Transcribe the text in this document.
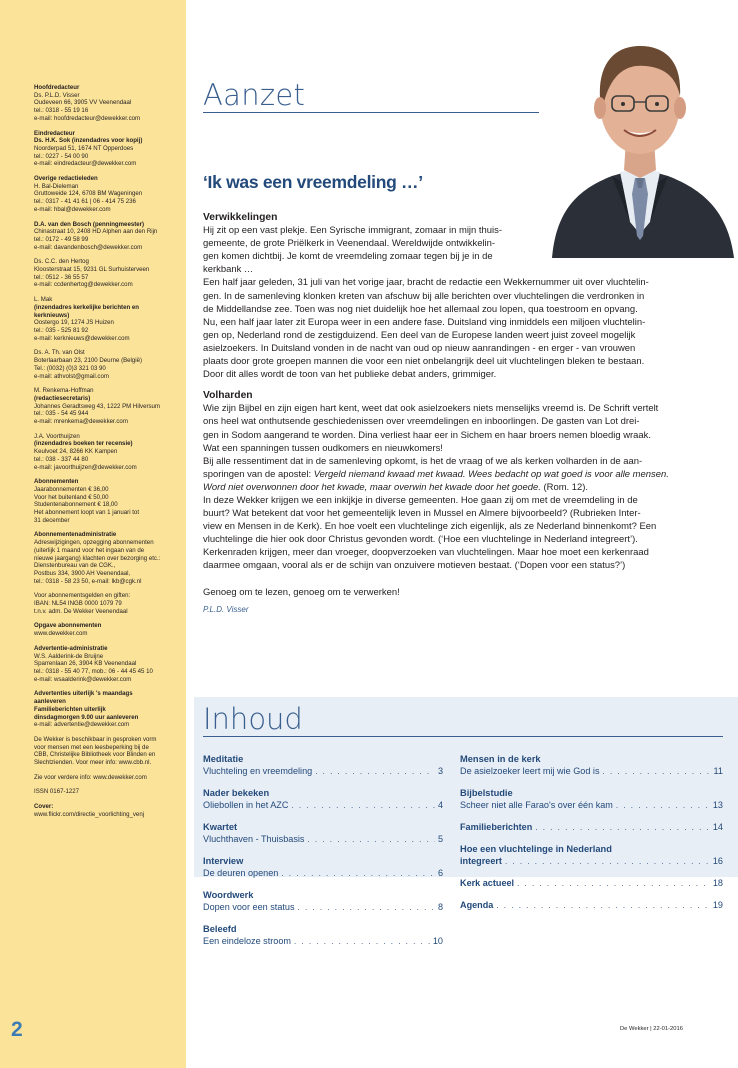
Hoofdredacteur
Ds. P.L.D. Visser
Oudeveen 66, 3905 VV Veenendaal
tel.: 0318 - 55 19 16
e-mail: hoofdredacteur@dewekker.com
Eindredacteur
Ds. H.K. Sok (inzendadres voor kopij)
Noorderpad 51, 1674 NT Opperdoes
tel.: 0227 - 54 00 90
e-mail: eindredacteur@dewekker.com
Overige redactieleden
H. Bal-Dieleman
Gruttoweide 124, 6708 BM Wageningen
tel.: 0317 - 41 41 61 | 06 - 414 75 236
e-mail: hbal@dewekker.com
D.A. van den Bosch (penningmeester)
Chinastraat 10, 2408 HD Alphen aan den Rijn
tel.: 0172 - 49 58 99
e-mail: davandenbosch@dewekker.com
Ds. C.C. den Hertog
Kloosterstraat 15, 9231 GL Surhuisterveen
tel.: 0512 - 36 55 57
e-mail: ccdenhertog@dewekker.com
L. Mak
(inzendadres kerkelijke berichten en
kerknieuws)
Oostergo 19, 1274 JS Huizen
tel.: 035 - 525 81 92
e-mail: kerknieuws@dewekker.com
Ds. A. Th. van Olst
Boterlaarbaan 23, 2100 Deurne (België)
Tel.: (0032) (0)3 321 03 90
e-mail: athvolst@gmail.com
M. Renkema-Hoffman
(redactiesecretaris)
Johannes Geradtsweg 43, 1222 PM Hilversum
tel.: 035 - 54 45 944
e-mail: mrenkema@dewekker.com
J.A. Voorthuijzen
(inzendadres boeken ter recensie)
Keulvoet 24, 8266 KK Kampen
tel.: 038 - 337 44 80
e-mail: javoorthuijzen@dewekker.com
Abonnementen
Jaarabonnementen € 36,00
Voor het buitenland € 50,00
Studentenabonnement € 18,00
Het abonnement loopt van 1 januari tot
31 december
Abonnementenadministratie
Adreswijzigingen, opzegging abonnementen
(uiterlijk 1 maand voor het ingaan van de
nieuwe jaargang) klachten over bezorging etc.:
Dienstenbureau van de CGK.,
Postbus 334, 3900 AH Veenendaal,
tel.: 0318 - 58 23 50, e-mail: lkb@cgk.nl
Voor abonnementsgelden en giften:
IBAN: NL54 INGB 0000 1079 79
t.n.v. adm. De Wekker Veenendaal
Opgave abonnementen
www.dewekker.com
Advertentie-administratie
W.S. Aalderink-de Bruijne
Sparrenlaan 26, 3904 KB Veenendaal
tel.: 0318 - 55 40 77, mob.: 06 - 44 45 45 10
e-mail: wsaalderink@dewekker.com
Advertenties uiterlijk 's maandags
aanleveren
Familieberichten uiterlijk
dinsdagmorgen 9.00 uur aanleveren
e-mail: advertentie@dewekker.com
De Wekker is beschikbaar in gesproken vorm
voor mensen met een leesbeperking bij de
CBB, Christelijke Bibliotheek voor Blinden en
Slechtzienden. Voor meer info: www.cbb.nl.
Zie voor verdere info: www.dewekker.com
ISSN 0167-1227
Cover:
www.flickr.com/directie_voorlichting_venj
2
Aanzet
‘Ik was een vreemdeling …’
Verwikkelingen
Hij zit op een vast plekje. Een Syrische immigrant, zomaar in mijn thuis-
gemeente, de grote Priëlkerk in Veenendaal. Wereldwijde ontwikkelin-
gen komen dichtbij. Je komt de vreemdeling zomaar tegen bij je in de
kerkbank …
Een half jaar geleden, 31 juli van het vorige jaar, bracht de redactie een Wekkernummer uit over vluchtelin-
gen. In de samenleving klonken kreten van afschuw bij alle berichten over vluchtelingen die verdronken in
de Middellandse zee. Toen was nog niet duidelijk hoe het allemaal zou lopen, qua toestroom en opvang.
Nu, een half jaar later zit Europa weer in een andere fase. Duitsland ving inmiddels een miljoen vluchtelin-
gen op, Nederland rond de zestigduizend. Een deel van de Europese landen weert juist zoveel mogelijk
asielzoekers. In Duitsland vonden in de nacht van oud op nieuw aanrandingen - en erger - van vrouwen
plaats door grote groepen mannen die voor een niet onbelangrijk deel uit vluchtelingen bleken te bestaan.
Door dit alles wordt de toon van het publieke debat anders, grimmiger.
Volharden
Wie zijn Bijbel en zijn eigen hart kent, weet dat ook asielzoekers niets menselijks vreemd is. De Schrift vertelt
ons heel wat onthutsende geschiedenissen over vreemdelingen en inboorlingen. De gasten van Lot drei-
gen in Sodom aangerand te worden. Dina verliest haar eer in Sichem en haar broers nemen bloedig wraak.
Wat een spanningen tussen oudkomers en nieuwkomers!
Bij alle ressentiment dat in de samenleving opkomt, is het de vraag of we als kerken volharden in de aan-
sporingen van de apostel: Vergeld niemand kwaad met kwaad. Wees bedacht op wat goed is voor alle mensen.
Word niet overwonnen door het kwade, maar overwin het kwade door het goede. (Rom. 12).
In deze Wekker krijgen we een inkijkje in diverse gemeenten. Hoe gaan zij om met de vreemdeling in de
buurt? Wat betekent dat voor het gemeentelijk leven in Mussel en Almere bijvoorbeeld? (Rubrieken Inter-
view en Mensen in de Kerk). En hoe voelt een vluchtelinge zich eigenlijk, als ze Nederland binnenkomt? Een
vluchtelinge die hier ook door Christus gevonden wordt. (‘Hoe een vluchtelinge in Nederland integreert’).
Kerkenraden krijgen, meer dan vroeger, doopverzoeken van vluchtelingen. Maar hoe moet een kerkenraad
daarmee omgaan, vooral als er de schijn van onzuivere motieven bestaat. (‘Dopen voor een status?’)
Genoeg om te lezen, genoeg om te verwerken!
P.L.D. Visser
Inhoud
Meditatie
Vluchteling en vreemdeling . . .	3
Nader bekeken
Oliebollen in het AZC . . .	4
Kwartet
Vluchthaven - Thuisbasis . . .	5
Interview
De deuren openen . . .	6
Woordwerk
Dopen voor een status . . .	8
Beleefd
Een eindeloze stroom . . .	10
Mensen in de kerk
De asielzoeker leert mij wie God is . . .	11
Bijbelstudie
Scheer niet alle Farao's over één kam . . .	13
Familieberichten . . .	14
Hoe een vluchtelinge in Nederland
integreert . . .	16
Kerk actueel . . .	18
Agenda . . .	19
De Wekker | 22-01-2016
